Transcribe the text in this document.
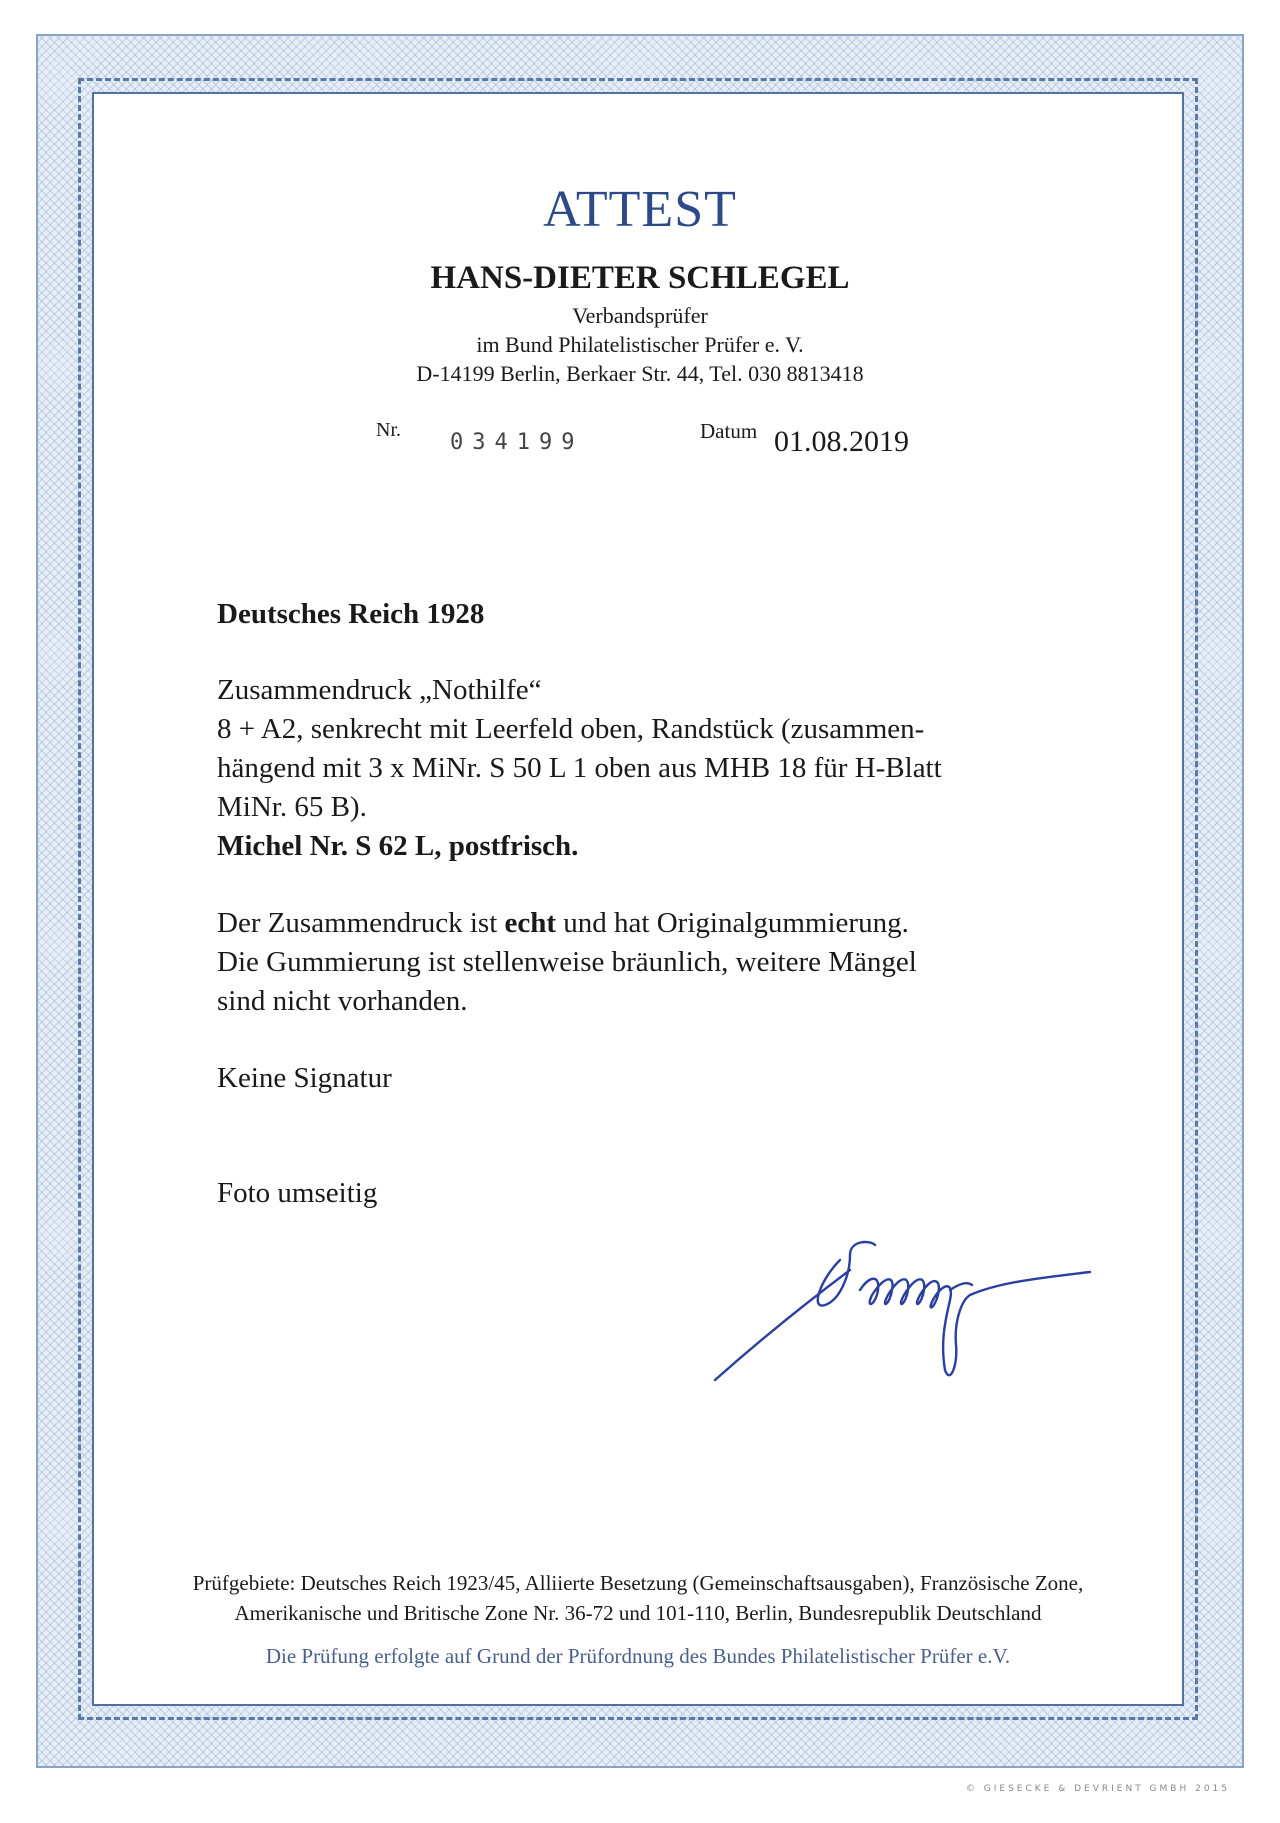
ATTEST
HANS-DIETER SCHLEGEL
Verbandsprüfer
im Bund Philatelistischer Prüfer e. V.
D-14199 Berlin, Berkaer Str. 44, Tel. 030 8813418
Nr. 034199	Datum 01.08.2019
Deutsches Reich 1928
Zusammendruck „Nothilfe“
8 + A2, senkrecht mit Leerfeld oben, Randstück (zusammen-
hängend mit 3 x MiNr. S 50 L 1 oben aus MHB 18 für H-Blatt
MiNr. 65 B).
Michel Nr. S 62 L, postfrisch.
Der Zusammendruck ist echt und hat Originalgummierung.
Die Gummierung ist stellenweise bräunlich, weitere Mängel
sind nicht vorhanden.
Keine Signatur
Foto umseitig
Prüfgebiete: Deutsches Reich 1923/45, Alliierte Besetzung (Gemeinschaftsausgaben), Französische Zone,
Amerikanische und Britische Zone Nr. 36-72 und 101-110, Berlin, Bundesrepublik Deutschland
Die Prüfung erfolgte auf Grund der Prüfordnung des Bundes Philatelistischer Prüfer e.V.
© GIESECKE & DEVRIENT GMBH 2015
